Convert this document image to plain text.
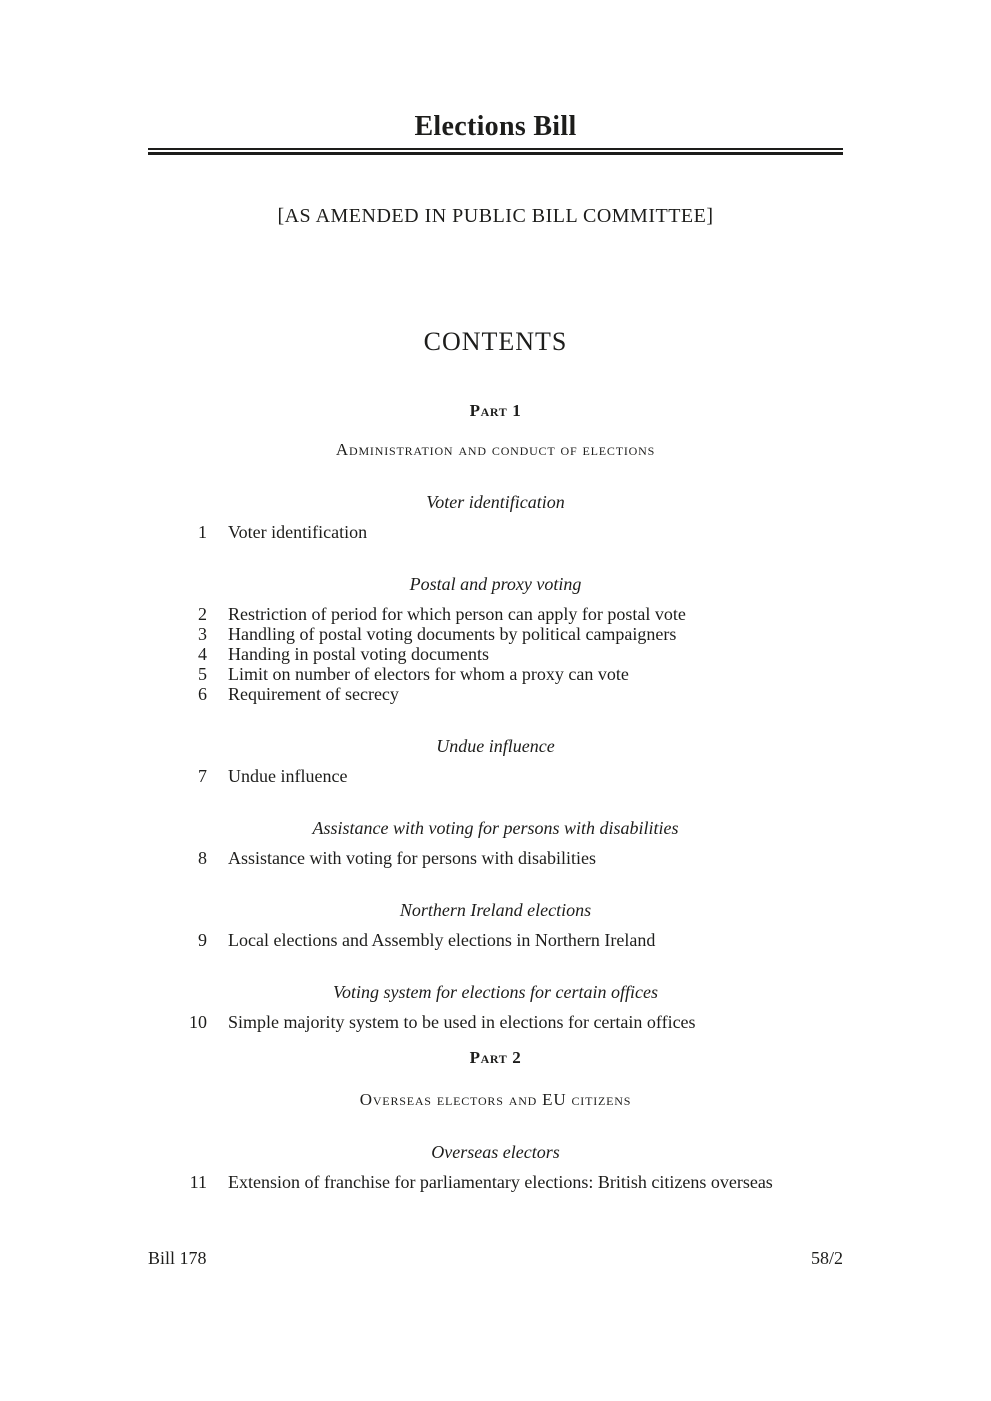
Elections Bill
[AS AMENDED IN PUBLIC BILL COMMITTEE]
CONTENTS
Part 1
Administration and conduct of elections
Voter identification
1	Voter identification
Postal and proxy voting
2	Restriction of period for which person can apply for postal vote
3	Handling of postal voting documents by political campaigners
4	Handing in postal voting documents
5	Limit on number of electors for whom a proxy can vote
6	Requirement of secrecy
Undue influence
7	Undue influence
Assistance with voting for persons with disabilities
8	Assistance with voting for persons with disabilities
Northern Ireland elections
9	Local elections and Assembly elections in Northern Ireland
Voting system for elections for certain offices
10	Simple majority system to be used in elections for certain offices
Part 2
Overseas electors and EU citizens
Overseas electors
11	Extension of franchise for parliamentary elections: British citizens overseas
Bill 178	58/2
